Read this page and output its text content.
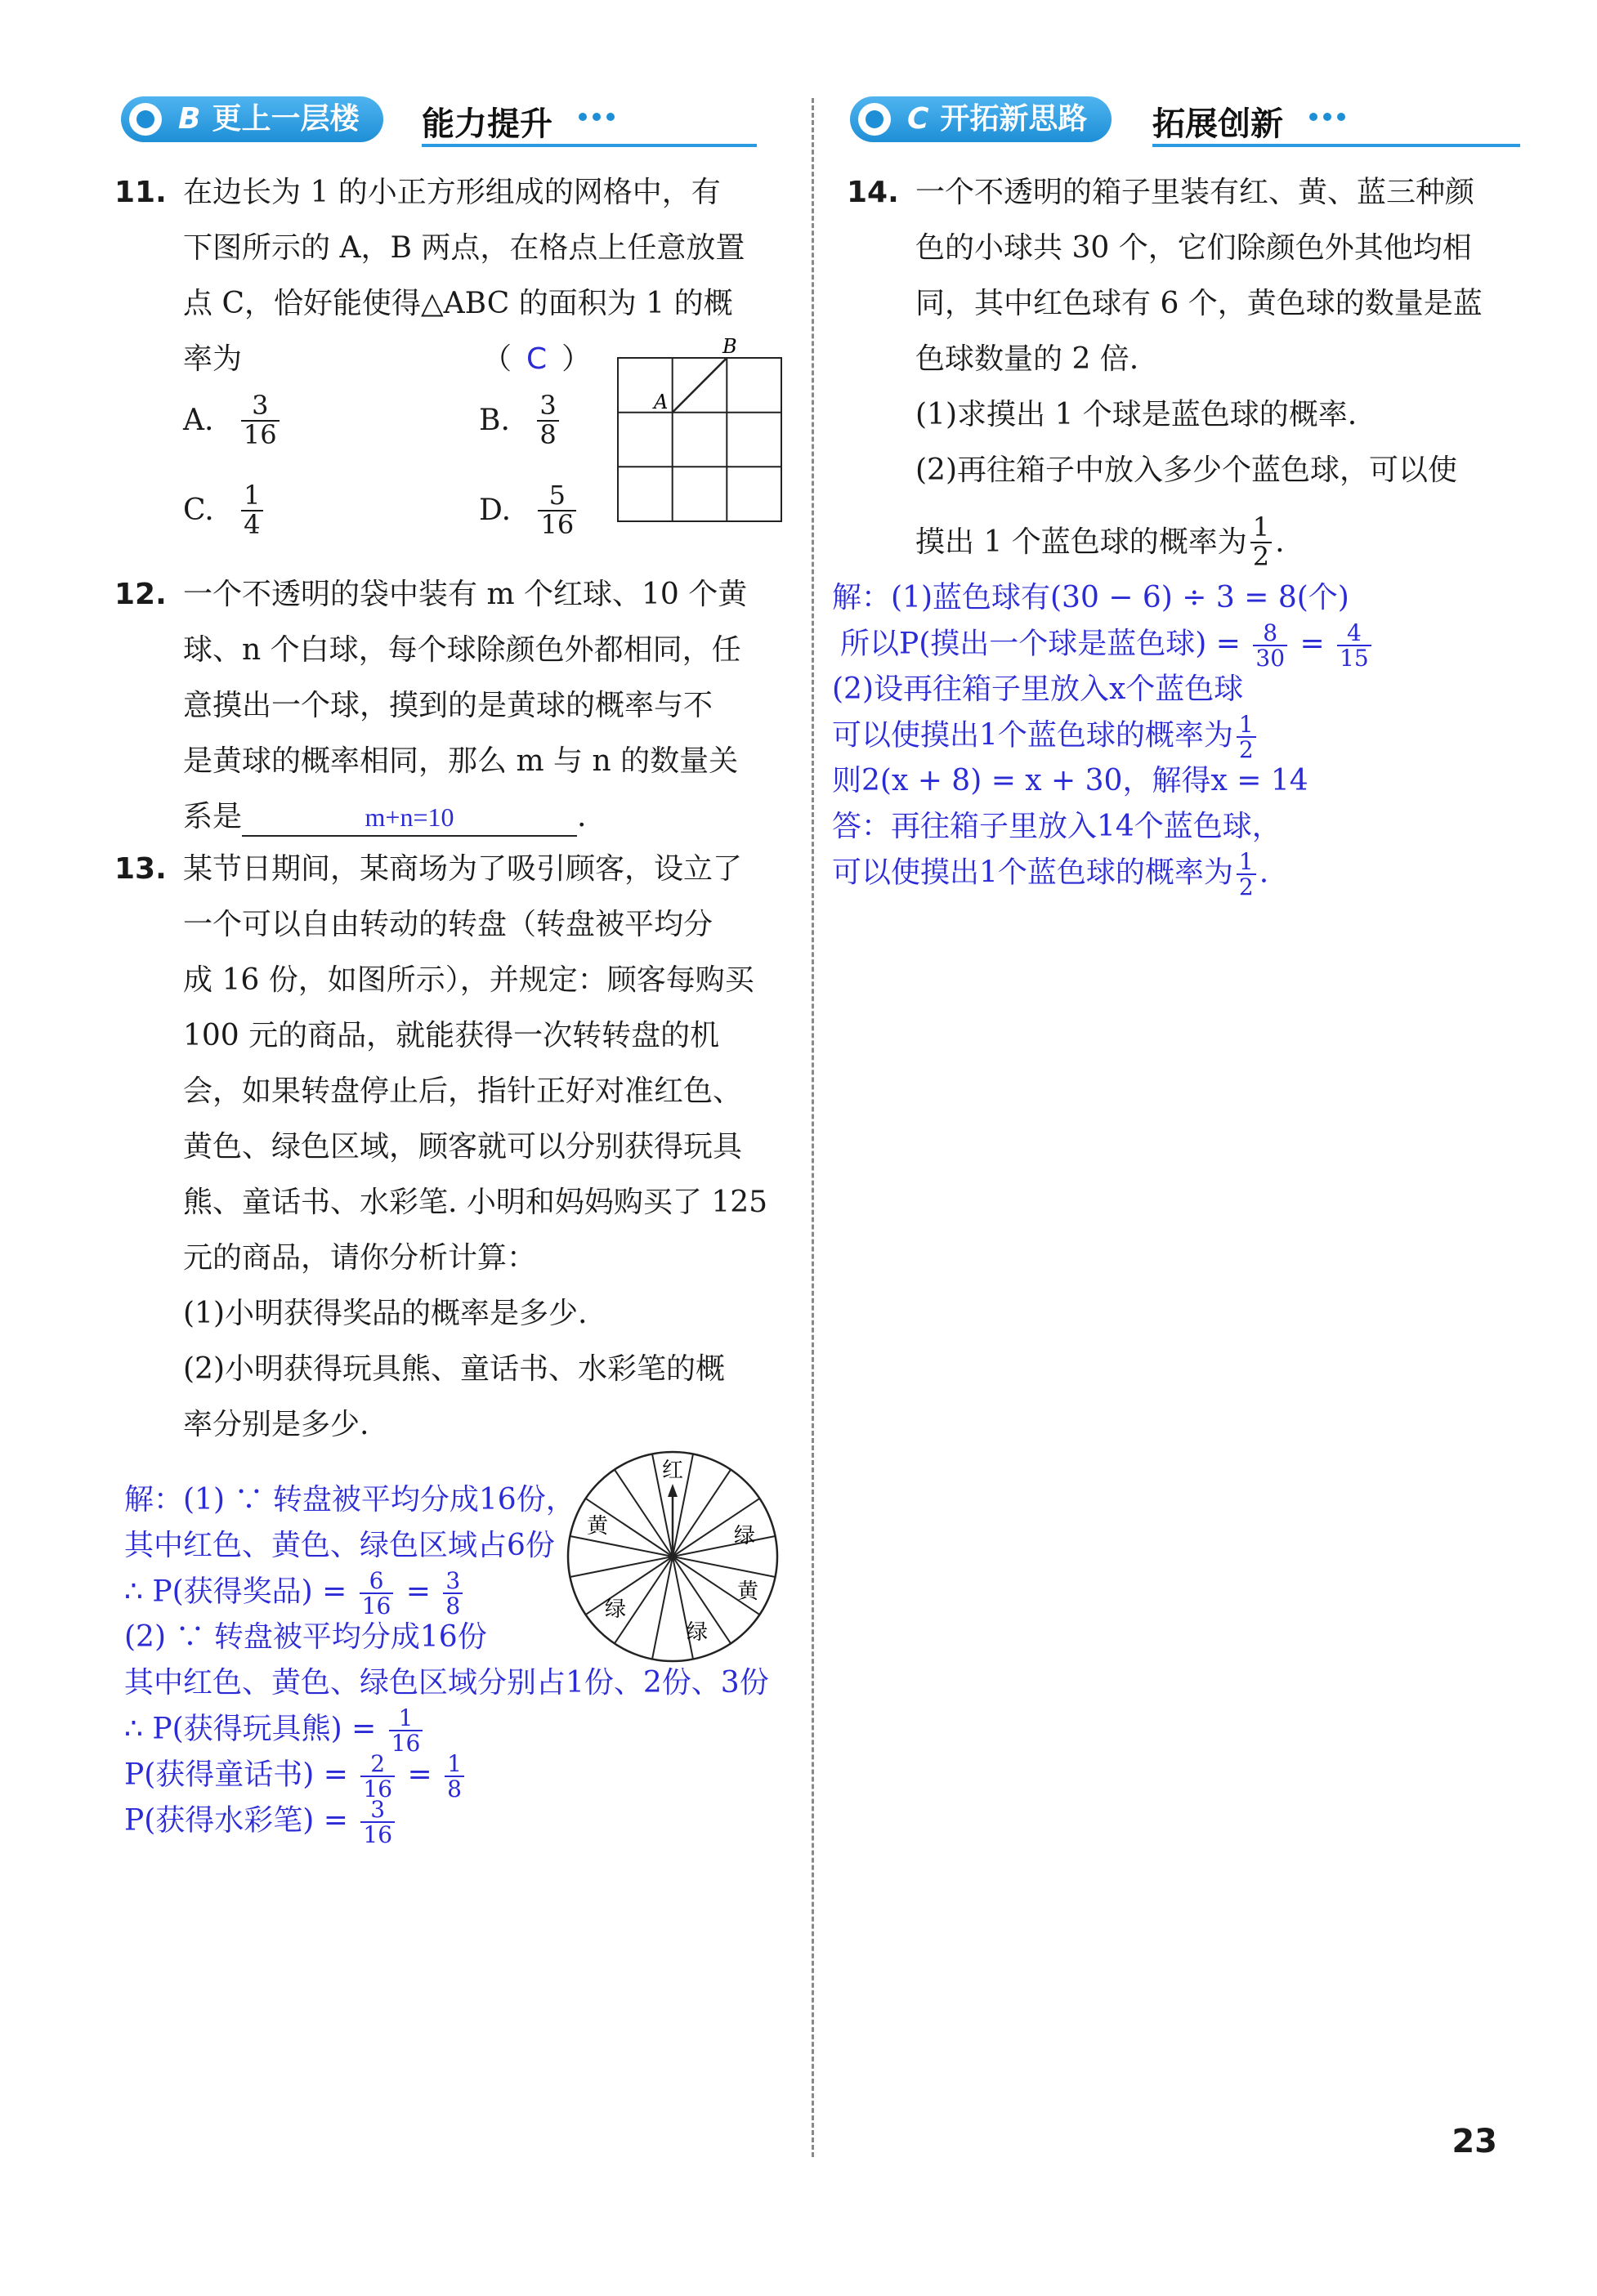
B 更上一层楼	能力提升	C 开拓新思路	拓展创新
11. 在边长为 1 的小正方形组成的网格中，有
下图所示的 A，B 两点，在格点上任意放置
点 C，恰好能使得△ABC 的面积为 1 的概
率为	（ C ）
A. $\frac{3}{16}$	B. $\frac{3}{8}$
C. $\frac{1}{4}$	D. $\frac{5}{16}$
A
B
12. 一个不透明的袋中装有 m 个红球、10 个黄
球、n 个白球，每个球除颜色外都相同，任
意摸出一个球，摸到的是黄球的概率与不
是黄球的概率相同，那么 m 与 n 的数量关
系是	m+n=10	.
13. 某节日期间，某商场为了吸引顾客，设立了
一个可以自由转动的转盘（转盘被平均分
成 16 份，如图所示），并规定：顾客每购买
100 元的商品，就能获得一次转转盘的机
会，如果转盘停止后，指针正好对准红色、
黄色、绿色区域，顾客就可以分别获得玩具
熊、童话书、水彩笔. 小明和妈妈购买了 125
元的商品，请你分析计算：
(1)小明获得奖品的概率是多少.
(2)小明获得玩具熊、童话书、水彩笔的概
率分别是多少.
红
黄	绿
黄
绿
绿
解：(1) ∵ 转盘被平均分成16份，
其中红色、黄色、绿色区域占6份
∴ P(获得奖品) = $\frac{6}{16} = \frac{3}{8}$
(2) ∵ 转盘被平均分成16份
其中红色、黄色、绿色区域分别占1份、2份、3份
∴ P(获得玩具熊) = $\frac{1}{16}$
P(获得童话书) = $\frac{2}{16} = \frac{1}{8}$
P(获得水彩笔) = $\frac{3}{16}$
14. 一个不透明的箱子里装有红、黄、蓝三种颜
色的小球共 30 个，它们除颜色外其他均相
同，其中红色球有 6 个，黄色球的数量是蓝
色球数量的 2 倍.
(1)求摸出 1 个球是蓝色球的概率.
(2)再往箱子中放入多少个蓝色球，可以使
摸出 1 个蓝色球的概率为 $\frac{1}{2}$ .
解：(1)蓝色球有(30 − 6) ÷ 3 = 8(个)
所以P(摸出一个球是蓝色球) = $\frac{8}{30} = \frac{4}{15}$
(2)设再往箱子里放入x个蓝色球
可以使摸出1个蓝色球的概率为 $\frac{1}{2}$
则2(x + 8) = x + 30，解得x = 14
答：再往箱子里放入14个蓝色球，
可以使摸出1个蓝色球的概率为 $\frac{1}{2}$ .
23
